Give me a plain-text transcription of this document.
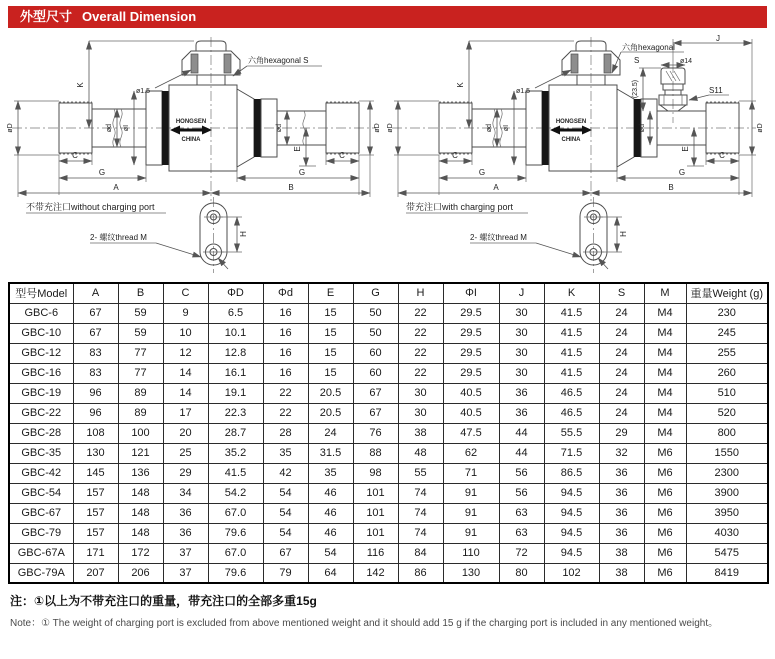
外型尺寸 Overall Dimension
HONGSEN
CHINA
K
ø1.5
六角hexagonal S
øD	øD
ød	ød
øI
E
C	C
G	G
A	B
不带充注口without charging port
H
2- 螺纹thread M
HONGSEN
CHINA
K
ø1.5
六角hexagonal
S
J
ø14
(23.5)	S11
øD	øD
ød	ød
øI
E
C	C
G	G
A	B
带充注口with charging port
H
2- 螺纹thread M
型号Model	A	B	C	ΦD	Φd	E	G	H	ΦI	J	K	S	M	重量Weight (g)
GBC-6	67	59	9	6.5	16	15	50	22	29.5	30	41.5	24	M4	230
GBC-10	67	59	10	10.1	16	15	50	22	29.5	30	41.5	24	M4	245
GBC-12	83	77	12	12.8	16	15	60	22	29.5	30	41.5	24	M4	255
GBC-16	83	77	14	16.1	16	15	60	22	29.5	30	41.5	24	M4	260
GBC-19	96	89	14	19.1	22	20.5	67	30	40.5	36	46.5	24	M4	510
GBC-22	96	89	17	22.3	22	20.5	67	30	40.5	36	46.5	24	M4	520
GBC-28	108	100	20	28.7	28	24	76	38	47.5	44	55.5	29	M4	800
GBC-35	130	121	25	35.2	35	31.5	88	48	62	44	71.5	32	M6	1550
GBC-42	145	136	29	41.5	42	35	98	55	71	56	86.5	36	M6	2300
GBC-54	157	148	34	54.2	54	46	101	74	91	56	94.5	36	M6	3900
GBC-67	157	148	36	67.0	54	46	101	74	91	63	94.5	36	M6	3950
GBC-79	157	148	36	79.6	54	46	101	74	91	63	94.5	36	M6	4030
GBC-67A	171	172	37	67.0	67	54	116	84	110	72	94.5	38	M6	5475
GBC-79A	207	206	37	79.6	79	64	142	86	130	80	102	38	M6	8419
注：①以上为不带充注口的重量，带充注口的全部多重15g
Note：① The weight of charging port is excluded from above mentioned weight and it should add 15 g if the charging port is included in any mentioned weight。
